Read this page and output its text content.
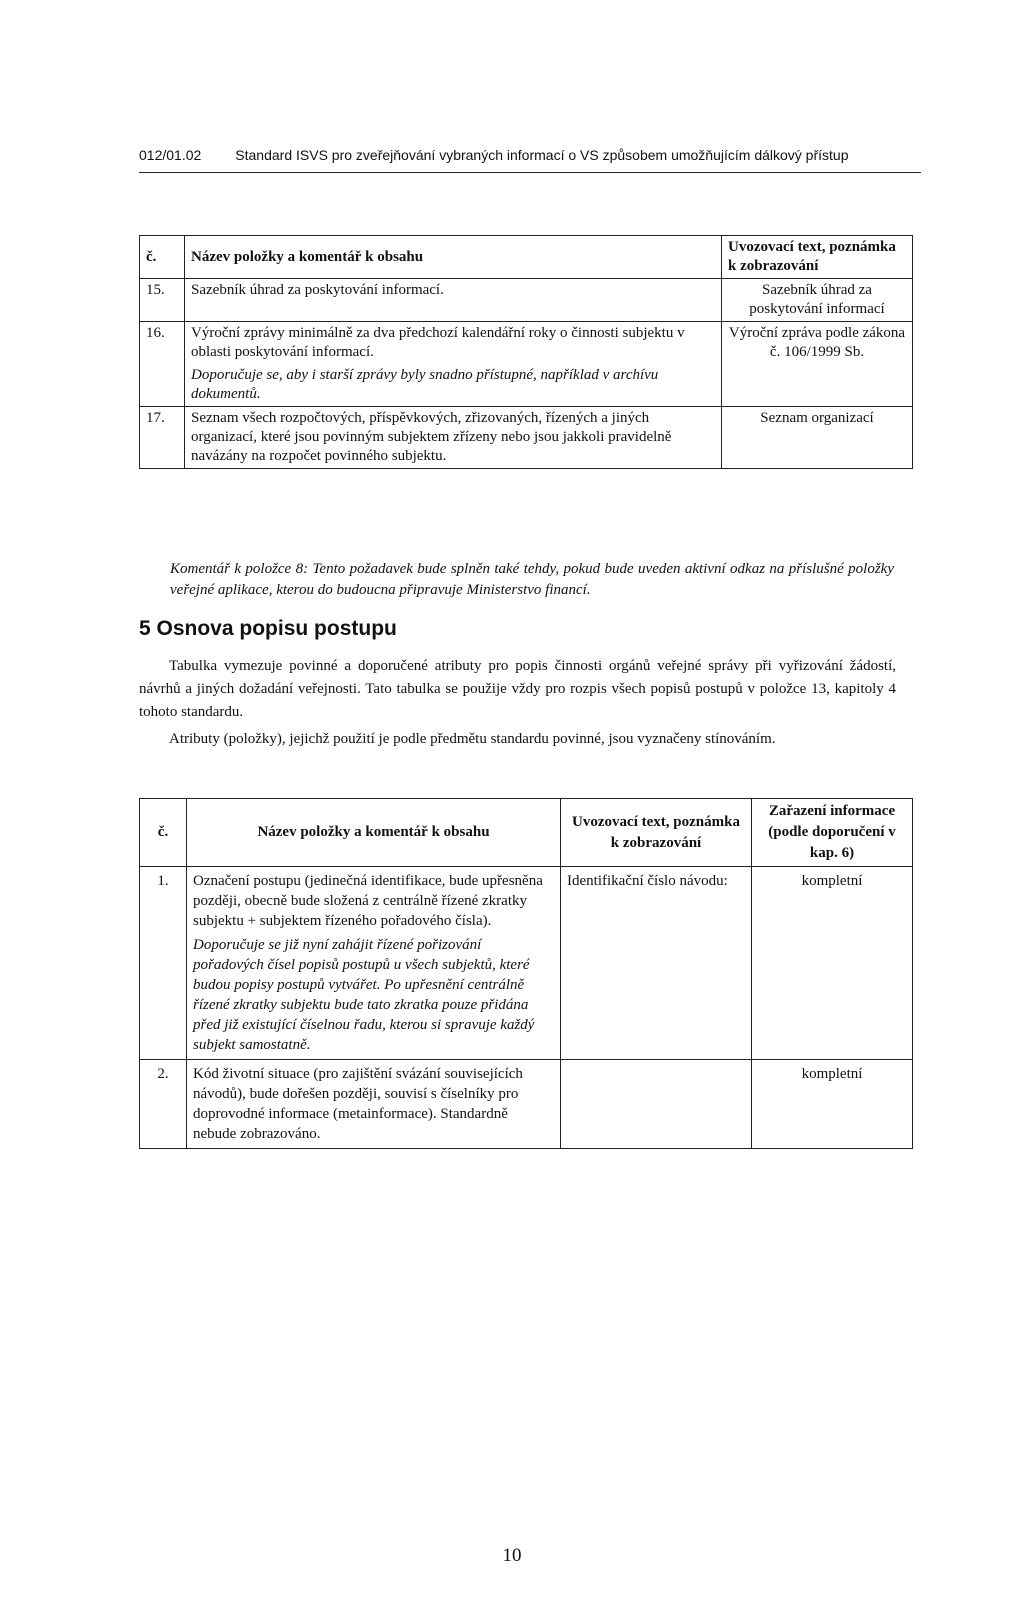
012/01.02 Standard ISVS pro zveřejňování vybraných informací o VS způsobem umožňujícím dálkový přístup
č.	Název položky a komentář k obsahu	Uvozovací text, poznámka k zobrazování
15.	Sazebník úhrad za poskytování informací.	Sazebník úhrad za poskytování informací
16.	Výroční zprávy minimálně za dva předchozí kalendářní roky o činnosti subjektu v oblasti poskytování informací.
Doporučuje se, aby i starší zprávy byly snadno přístupné, například v archívu dokumentů.	Výroční zpráva podle zákona č. 106/1999 Sb.
17.	Seznam všech rozpočtových, příspěvkových, zřizovaných, řízených a jiných organizací, které jsou povinným subjektem zřízeny nebo jsou jakkoli pravidelně navázány na rozpočet povinného subjektu.	Seznam organizací
Komentář k položce 8: Tento požadavek bude splněn také tehdy, pokud bude uveden aktivní odkaz na příslušné položky veřejné aplikace, kterou do budoucna připravuje Ministerstvo financí.
5 Osnova popisu postupu
Tabulka vymezuje povinné a doporučené atributy pro popis činnosti orgánů veřejné správy při vyřizování žádostí, návrhů a jiných dožadání veřejnosti. Tato tabulka se použije vždy pro rozpis všech popisů postupů v položce 13, kapitoly 4 tohoto standardu.
Atributy (položky), jejichž použití je podle předmětu standardu povinné, jsou vyznačeny stínováním.
č.	Název položky a komentář k obsahu	Uvozovací text, poznámka k zobrazování	Zařazení informace (podle doporučení v kap. 6)
1.	Označení postupu (jedinečná identifikace, bude upřesněna později, obecně bude složená z centrálně řízené zkratky subjektu + subjektem řízeného pořadového čísla).
Doporučuje se již nyní zahájit řízené pořizování pořadových čísel popisů postupů u všech subjektů, které budou popisy postupů vytvářet. Po upřesnění centrálně řízené zkratky subjektu bude tato zkratka pouze přidána před již existující číselnou řadu, kterou si spravuje každý subjekt samostatně.	Identifikační číslo návodu:	kompletní
2.	Kód životní situace (pro zajištění svázání souvisejících návodů), bude dořešen později, souvisí s číselníky pro doprovodné informace (metainformace). Standardně nebude zobrazováno.		kompletní
10
